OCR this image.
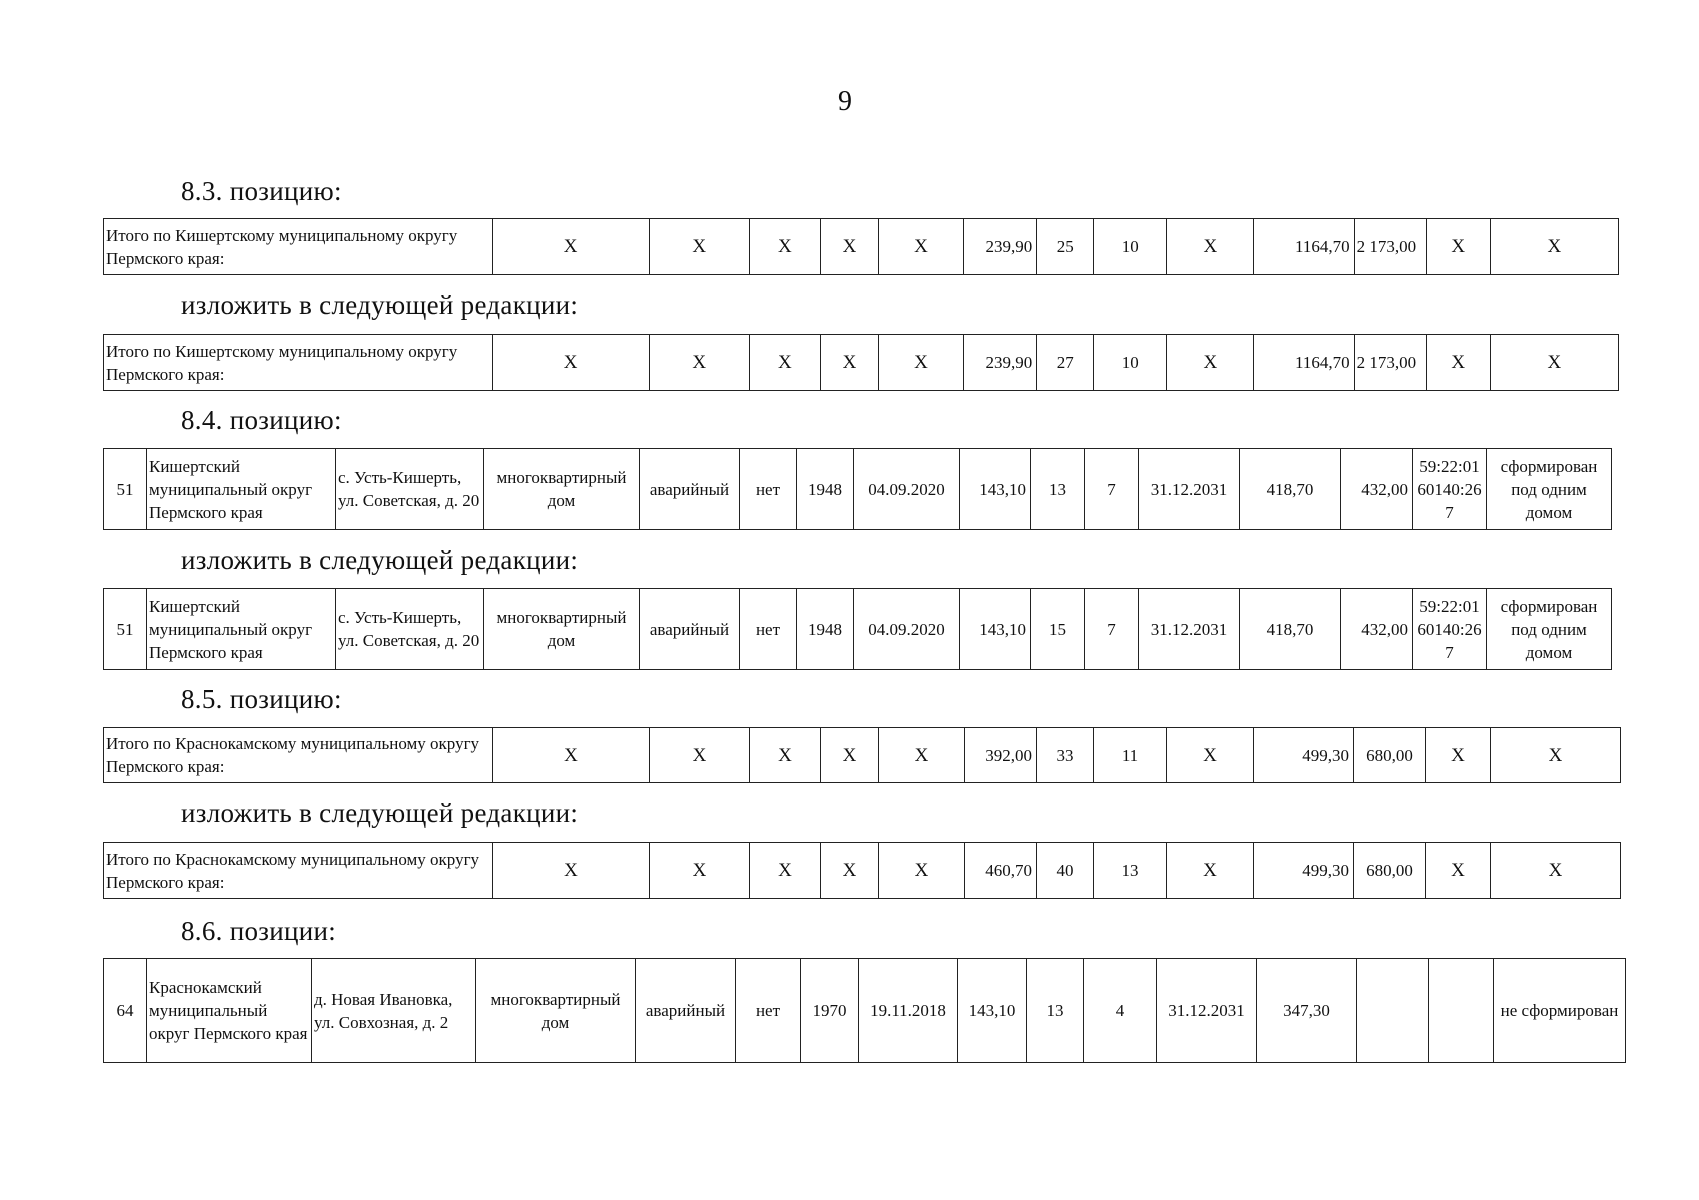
9
8.3. позицию:
Итого по Кишертскому муниципальному округу Пермского края:	X	X	X	X	X	239,90	25	10	X	1164,70	2 173,00	X	X
изложить в следующей редакции:
Итого по Кишертскому муниципальному округу Пермского края:	X	X	X	X	X	239,90	27	10	X	1164,70	2 173,00	X	X
8.4. позицию:
51	Кишертский муниципальный округ Пермского края	с. Усть-Кишерть, ул. Советская, д. 20	многоквартирный дом	аварийный	нет	1948	04.09.2020	143,10	13	7	31.12.2031	418,70	432,00	59:22:0160140:267	сформирован под одним домом
изложить в следующей редакции:
51	Кишертский муниципальный округ Пермского края	с. Усть-Кишерть, ул. Советская, д. 20	многоквартирный дом	аварийный	нет	1948	04.09.2020	143,10	15	7	31.12.2031	418,70	432,00	59:22:0160140:267	сформирован под одним домом
8.5. позицию:
Итого по Краснокамскому муниципальному округу Пермского края:	X	X	X	X	X	392,00	33	11	X	499,30	680,00	X	X
изложить в следующей редакции:
Итого по Краснокамскому муниципальному округу Пермского края:	X	X	X	X	X	460,70	40	13	X	499,30	680,00	X	X
8.6. позиции:
64	Краснокамский муниципальный округ Пермского края	д. Новая Ивановка, ул. Совхозная, д. 2	многоквартирный дом	аварийный	нет	1970	19.11.2018	143,10	13	4	31.12.2031	347,30			не сформирован
